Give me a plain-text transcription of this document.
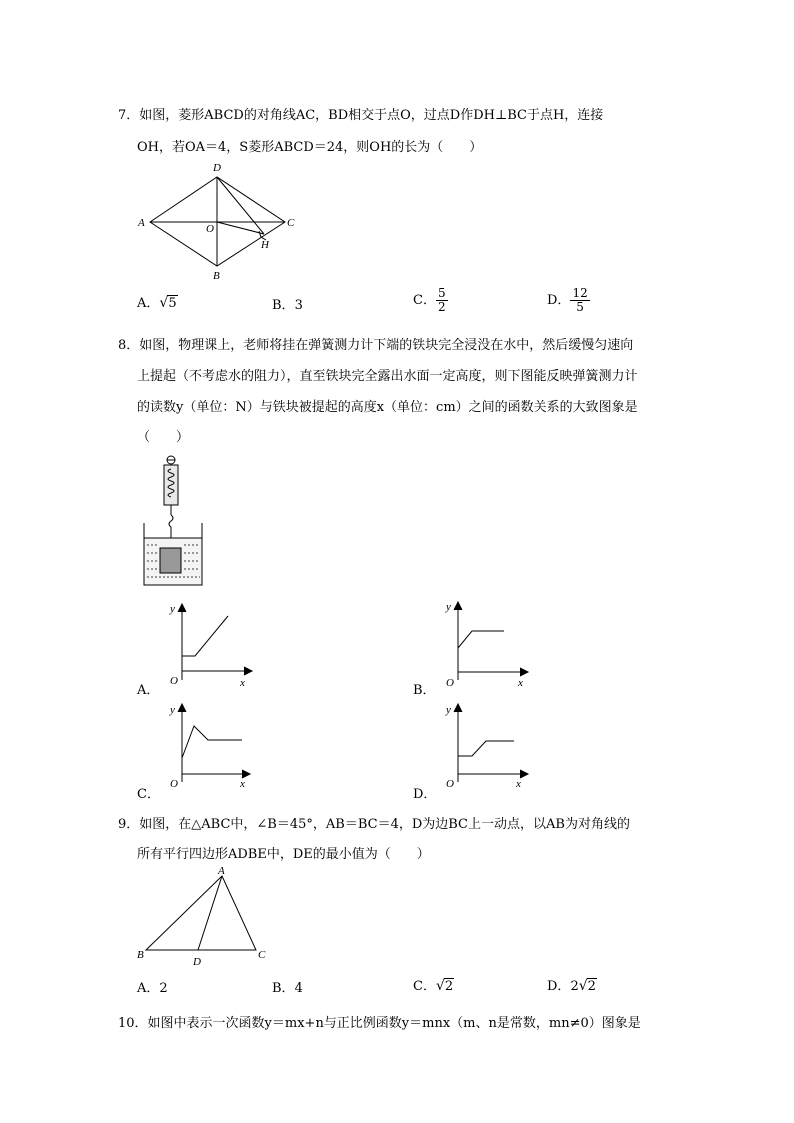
7．如图，菱形ABCD的对角线AC，BD相交于点O，过点D作DH⊥BC于点H，连接
OH，若OA＝4，S菱形ABCD＝24，则OH的长为（　　）
A
D
C
B
O
H
A．√5	B．3	C． $\frac{5}{2}$	D． $\frac{12}{5}$
8．如图，物理课上，老师将挂在弹簧测力计下端的铁块完全浸没在水中，然后缓慢匀速向
上提起（不考虑水的阻力），直至铁块完全露出水面一定高度，则下图能反映弹簧测力计
的读数y（单位：N）与铁块被提起的高度x（单位：cm）之间的函数关系的大致图象是
（　　）
y
O	x
A．
y
O	x
B．
y
O	x
C．
y
O	x
D．
9．如图，在△ABC中，∠B＝45°，AB＝BC＝4，D为边BC上一动点，以AB为对角线的
所有平行四边形ADBE中，DE的最小值为（　　）
A
B	C
D
A．2	B．4	C．√2	D．2√2
10．如图中表示一次函数y＝mx+n与正比例函数y＝mnx（m、n是常数，mn≠0）图象是
